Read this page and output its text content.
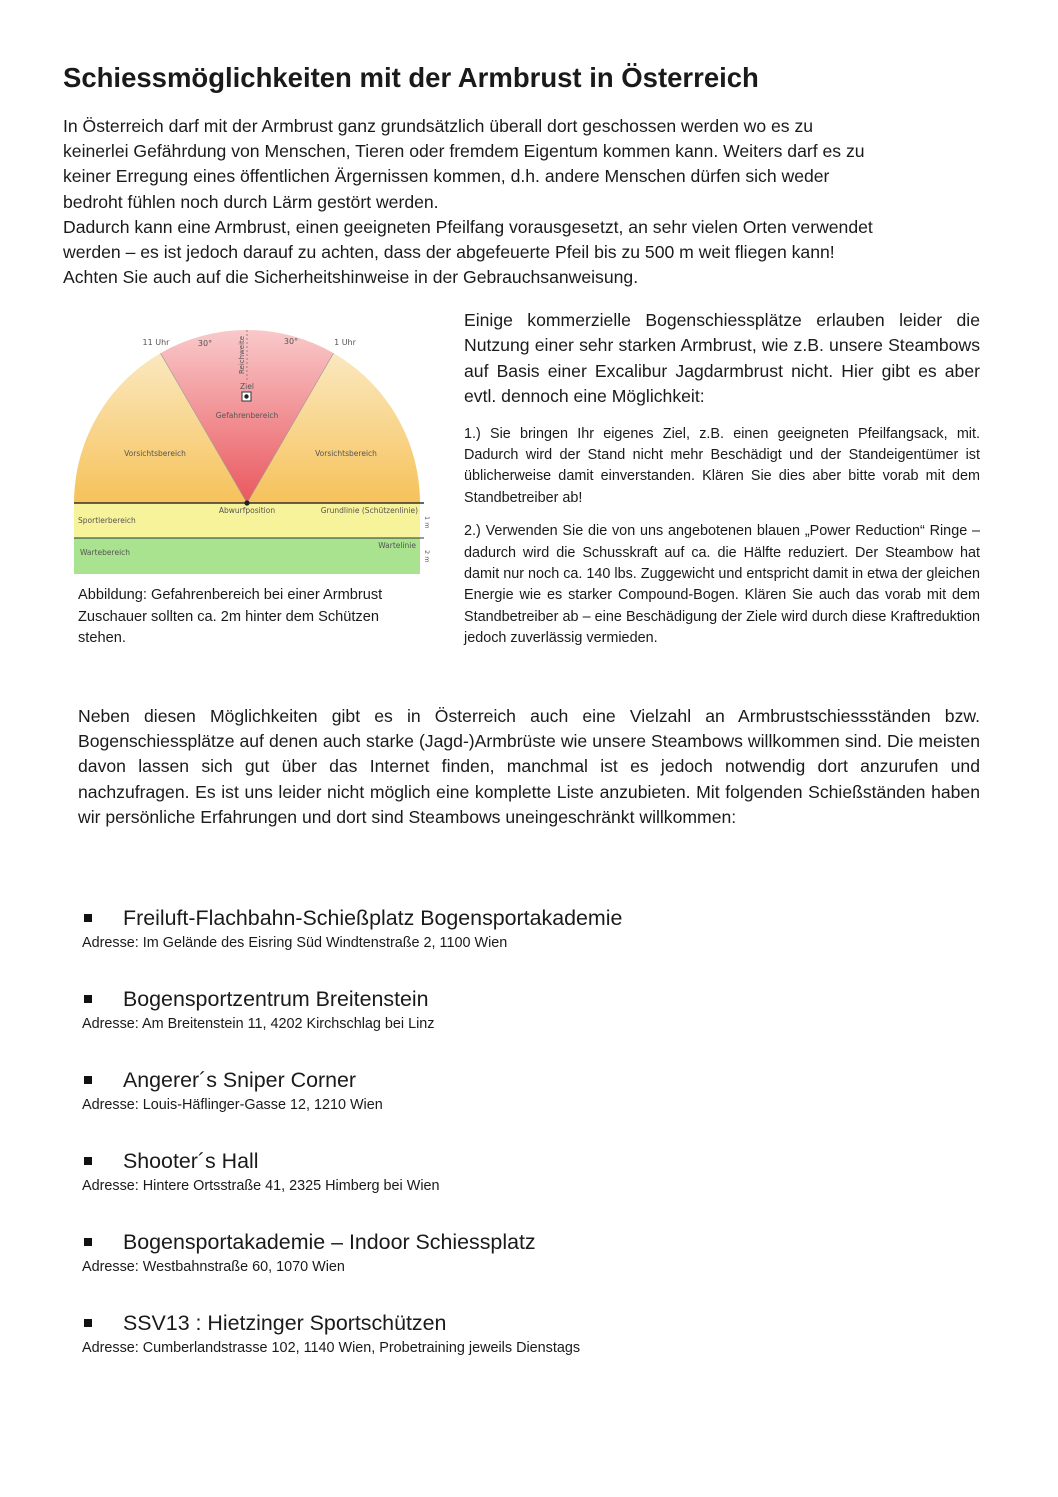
Schiessmöglichkeiten mit der Armbrust in Österreich

In Österreich darf mit der Armbrust ganz grundsätzlich überall dort geschossen werden wo es zu

keinerlei Gefährdung von Menschen, Tieren oder fremdem Eigentum kommen kann. Weiters darf es zu

keiner Erregung eines öffentlichen Ärgernissen kommen, d.h. andere Menschen dürfen sich weder

bedroht fühlen noch durch Lärm gestört werden.

Dadurch kann eine Armbrust, einen geeigneten Pfeilfang vorausgesetzt, an sehr vielen Orten verwendet

werden – es ist jedoch darauf zu achten, dass der abgefeuerte Pfeil bis zu 500 m weit fliegen kann!

Achten Sie auch auf die Sicherheitshinweise in der Gebrauchsanweisung.

11 Uhr	1 Uhr
30°	30°
Reichweite
Ziel
Gefahrenbereich
Vorsichtsbereich	Vorsichtsbereich
Abwurfposition	Grundlinie (Schützenlinie)
Sportlerbereich
Wartelinie
Wartebereich
1 m
2 m

Abbildung: Gefahrenbereich bei einer Armbrust

Zuschauer sollten ca. 2m hinter dem Schützen

stehen.

Einige kommerzielle Bogenschiessplätze erlauben leider die Nutzung einer sehr starken Armbrust, wie z.B. unsere Steambows auf Basis einer Excalibur Jagdarmbrust nicht. Hier gibt es aber evtl. dennoch eine Möglichkeit:

1.) Sie bringen Ihr eigenes Ziel, z.B. einen geeigneten Pfeilfangsack, mit. Dadurch wird der Stand nicht mehr Beschädigt und der Standeigentümer ist üblicherweise damit einverstanden. Klären Sie dies aber bitte vorab mit dem Standbetreiber ab!

2.) Verwenden Sie die von uns angebotenen blauen „Power Reduction“ Ringe – dadurch wird die Schusskraft auf ca. die Hälfte reduziert. Der Steambow hat damit nur noch ca. 140 lbs. Zuggewicht und entspricht damit in etwa der gleichen Energie wie es starker Compound-Bogen. Klären Sie auch das vorab mit dem Standbetreiber ab – eine Beschädigung der Ziele wird durch diese Kraftreduktion jedoch zuverlässig vermieden.

Neben diesen Möglichkeiten gibt es in Österreich auch eine Vielzahl an Armbrustschiessständen bzw. Bogenschiessplätze auf denen auch starke (Jagd-)Armbrüste wie unsere Steambows willkommen sind. Die meisten davon lassen sich gut über das Internet finden, manchmal ist es jedoch notwendig dort anzurufen und nachzufragen. Es ist uns leider nicht möglich eine komplette Liste anzubieten. Mit folgenden Schießständen haben wir persönliche Erfahrungen und dort sind Steambows uneingeschränkt willkommen:

Freiluft-Flachbahn-Schießplatz Bogensportakademie
Adresse: Im Gelände des Eisring Süd Windtenstraße 2, 1100 Wien
Bogensportzentrum Breitenstein
Adresse: Am Breitenstein 11, 4202 Kirchschlag bei Linz
Angerer´s Sniper Corner
Adresse: Louis-Häflinger-Gasse 12, 1210 Wien
Shooter´s Hall
Adresse: Hintere Ortsstraße 41, 2325 Himberg bei Wien
Bogensportakademie – Indoor Schiessplatz
Adresse: Westbahnstraße 60, 1070 Wien
SSV13 : Hietzinger Sportschützen
Adresse: Cumberlandstrasse 102, 1140 Wien, Probetraining jeweils Dienstags
